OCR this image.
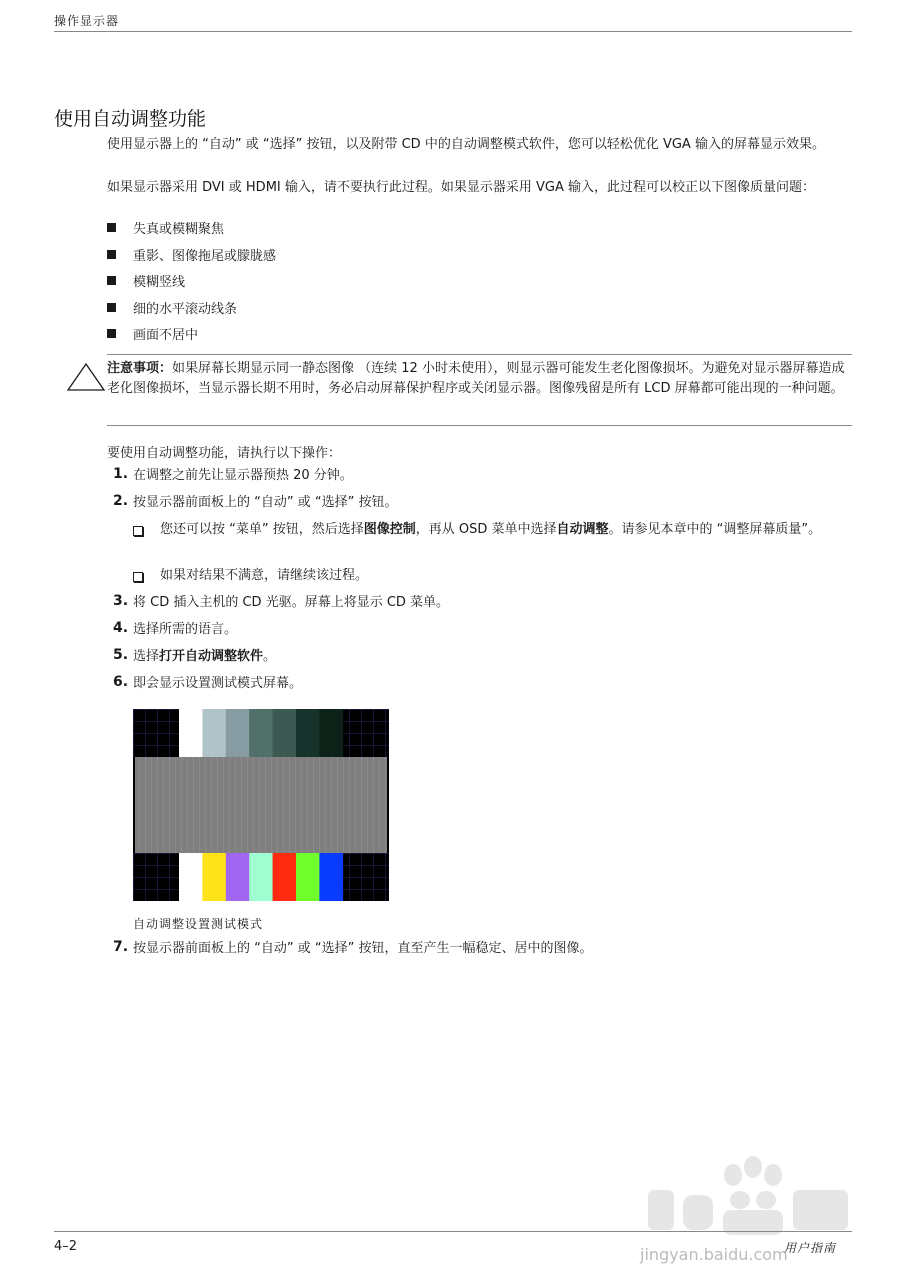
操作显示器
使用自动调整功能
使用显示器上的 “自动” 或 “选择” 按钮，以及附带 CD 中的自动调整模式软件，您可以轻松优化 VGA 输入的屏幕显示效果。
如果显示器采用 DVI 或 HDMI 输入，请不要执行此过程。如果显示器采用 VGA 输入，此过程可以校正以下图像质量问题：
失真或模糊聚焦
重影、图像拖尾或朦胧感
模糊竖线
细的水平滚动线条
画面不居中
注意事项：如果屏幕长期显示同一静态图像 （连续 12 小时未使用），则显示器可能发生老化图像损坏。为避免对显示器屏幕造成老化图像损坏，当显示器长期不用时，务必启动屏幕保护程序或关闭显示器。图像残留是所有 LCD 屏幕都可能出现的一种问题。
要使用自动调整功能，请执行以下操作：
1. 在调整之前先让显示器预热 20 分钟。
2. 按显示器前面板上的 “自动” 或 “选择” 按钮。
您还可以按 “菜单” 按钮，然后选择图像控制，再从 OSD 菜单中选择自动调整。请参见本章中的 “调整屏幕质量”。
如果对结果不满意，请继续该过程。
3. 将 CD 插入主机的 CD 光驱。屏幕上将显示 CD 菜单。
4. 选择所需的语言。
5. 选择打开自动调整软件。
6. 即会显示设置测试模式屏幕。
自动调整设置测试模式
7. 按显示器前面板上的 “自动” 或 “选择” 按钮，直至产生一幅稳定、居中的图像。
jingyan.baidu.com
4–2	用户指南
